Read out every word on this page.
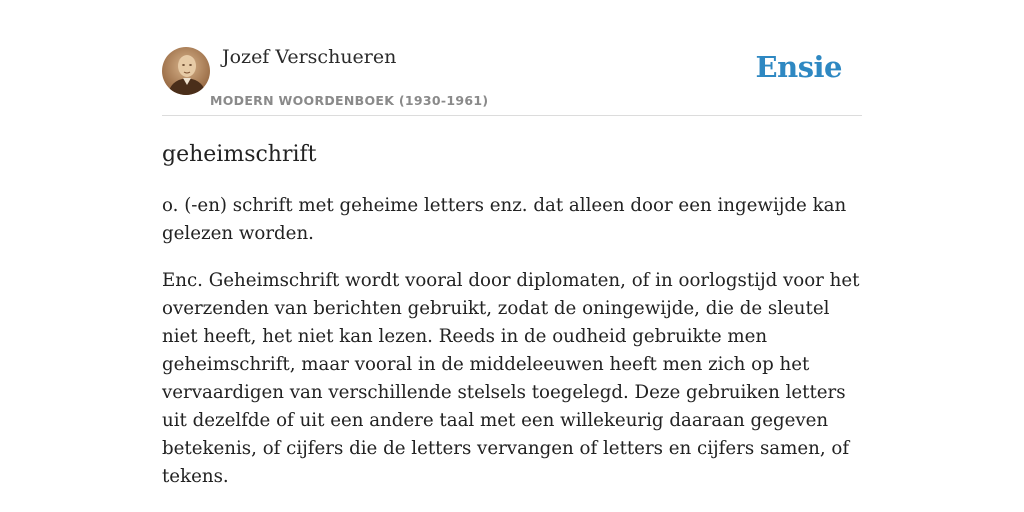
Jozef Verschueren
MODERN WOORDENBOEK (1930-1961)
Ensie
geheimschrift

o. (-en) schrift met geheime letters enz. dat alleen door een ingewijde kan gelezen worden.

Enc. Geheimschrift wordt vooral door diplomaten, of in oorlogstijd voor het overzenden van berichten gebruikt, zodat de oningewijde, die de sleutel niet heeft, het niet kan lezen. Reeds in de oudheid gebruikte men geheimschrift, maar vooral in de middeleeuwen heeft men zich op het vervaardigen van verschillende stelsels toegelegd. Deze gebruiken letters uit dezelfde of uit een andere taal met een willekeurig daaraan gegeven betekenis, of cijfers die de letters vervangen of letters en cijfers samen, of tekens.
